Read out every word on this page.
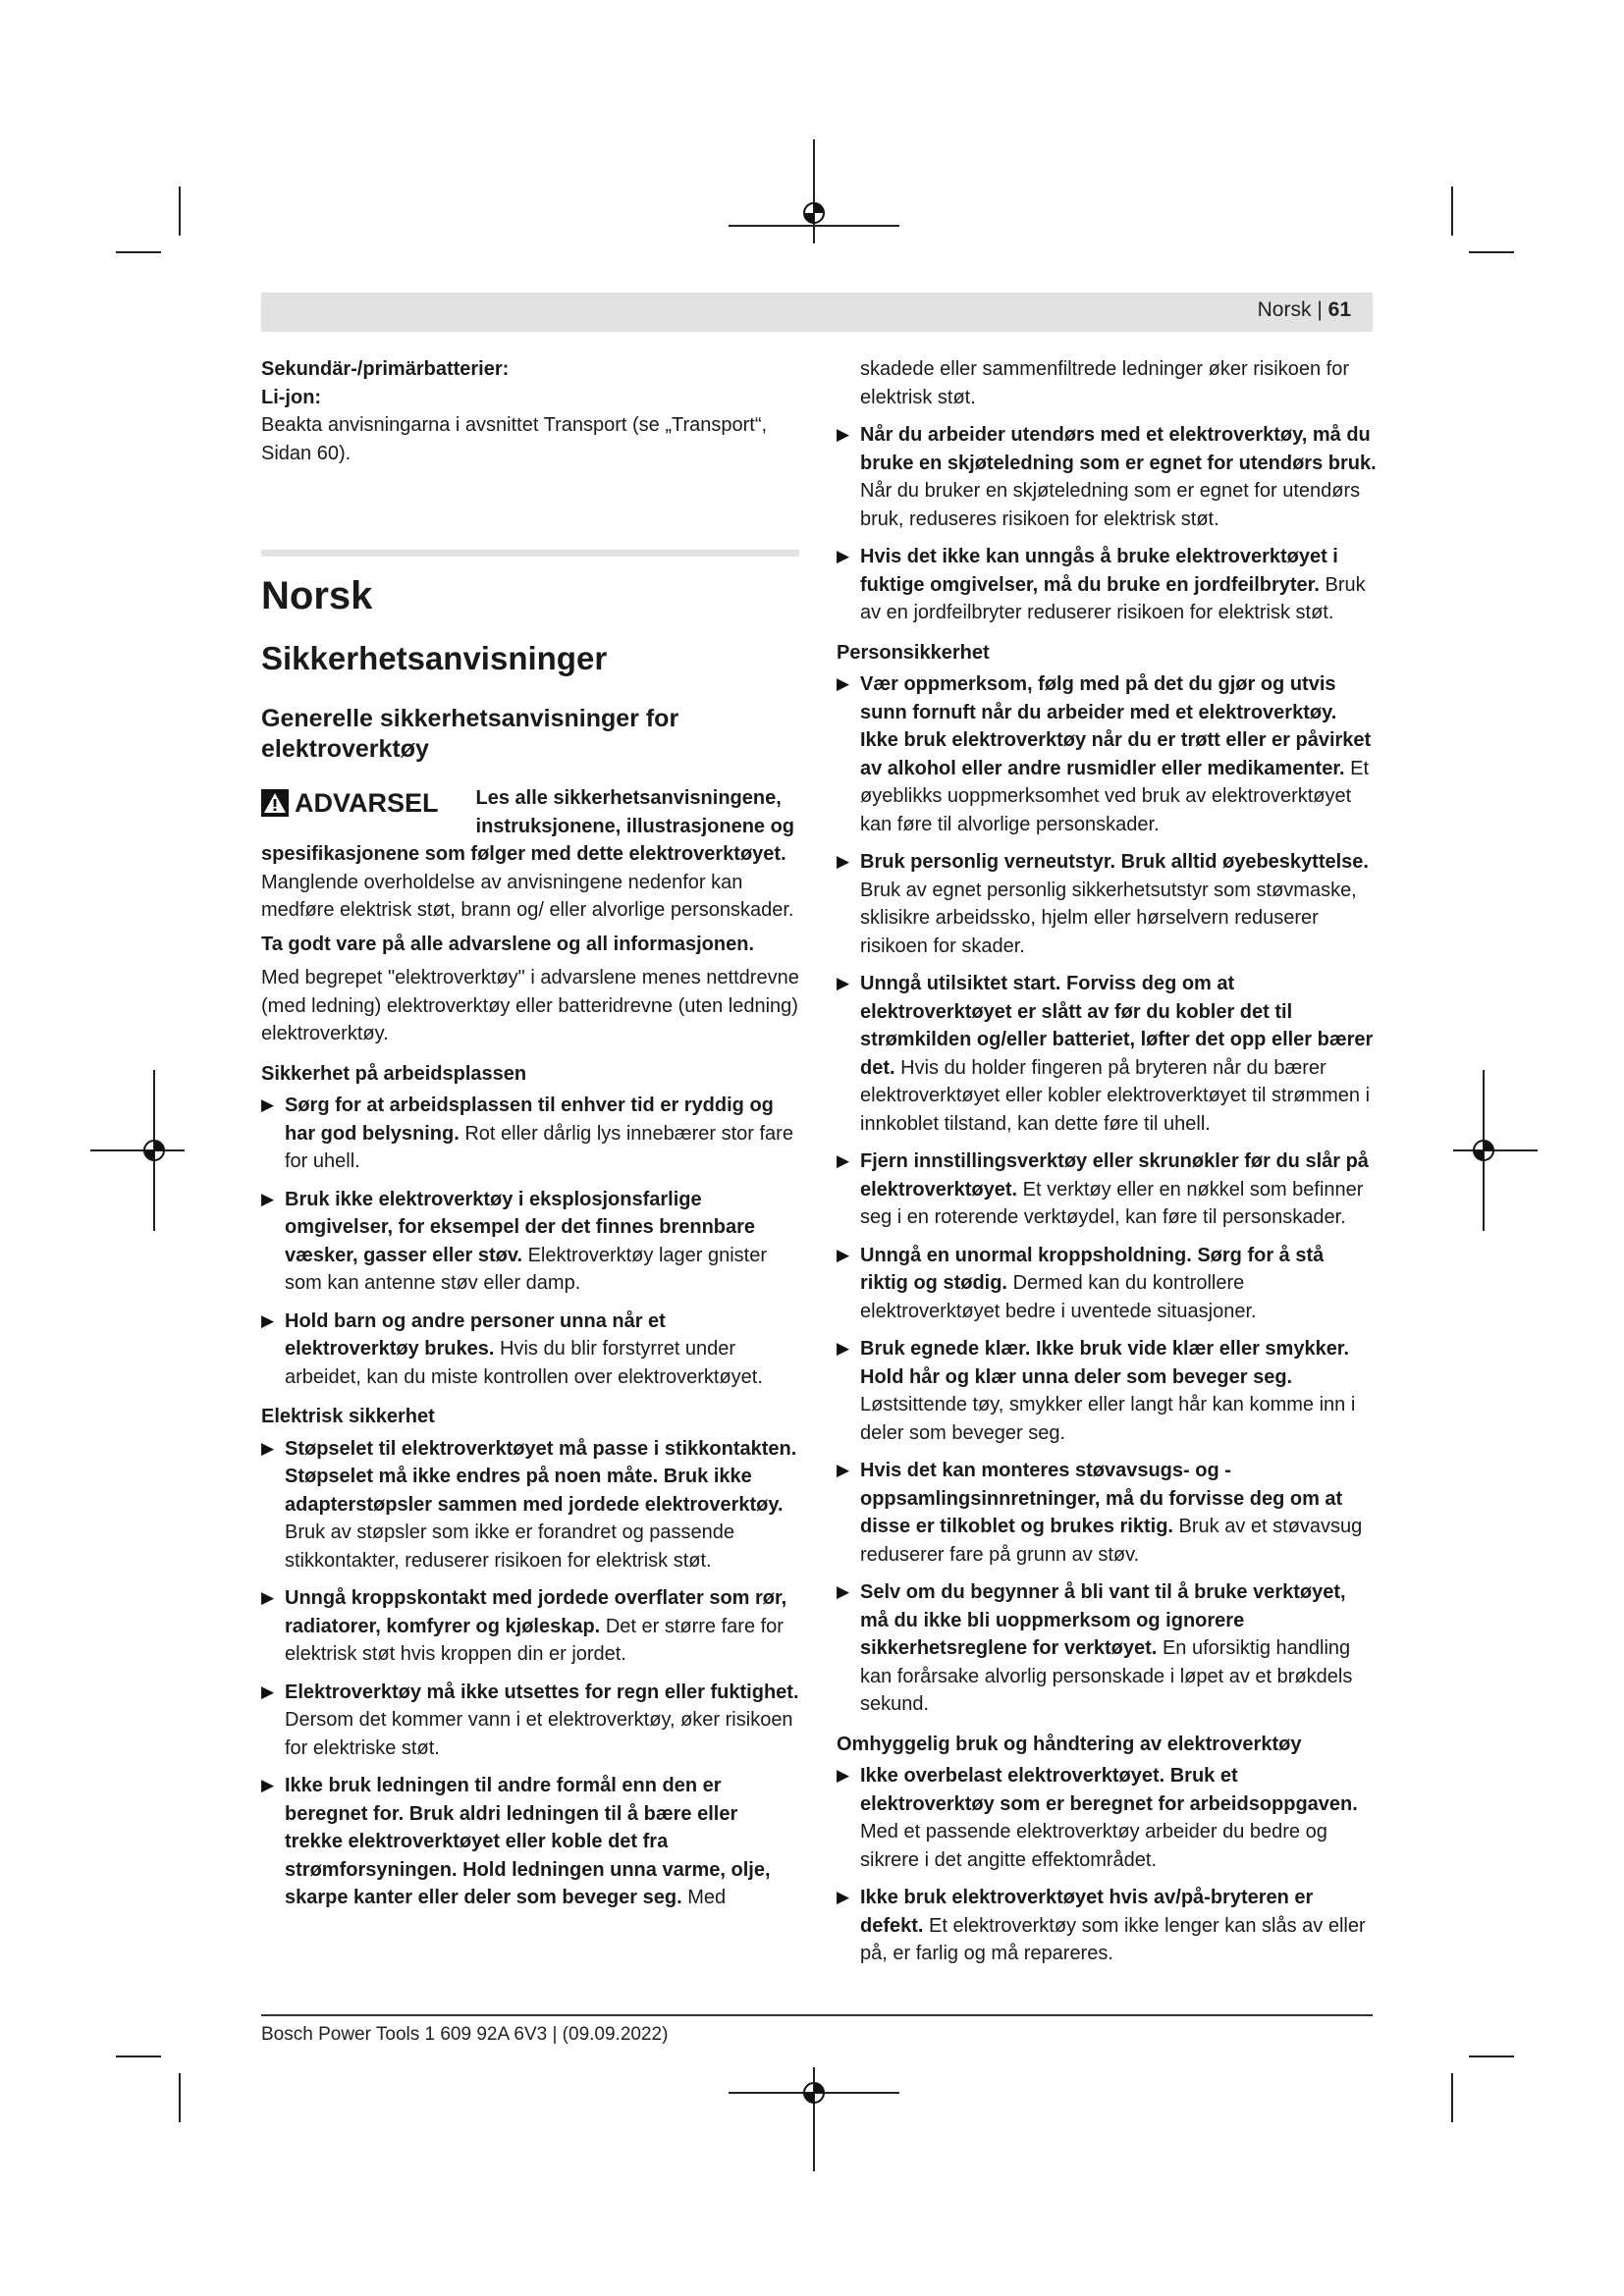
Norsk | 61

Sekundär-/primärbatterier:

Li-jon:

Beakta anvisningarna i avsnittet Transport (se „Transport“, Sidan 60).

Norsk
Sikkerhetsanvisninger
Generelle sikkerhetsanvisninger for elektroverktøy
ADVARSEL	Les alle sikkerhetsanvisningene, instruksjonene, illustrasjonene og spesifikasjonene som følger med dette elektroverktøyet. Manglende overholdelse av anvisningene nedenfor kan medføre elektrisk støt, brann og/ eller alvorlige personskader.

Ta godt vare på alle advarslene og all informasjonen.

Med begrepet "elektroverktøy" i advarslene menes nettdrevne (med ledning) elektroverktøy eller batteridrevne (uten ledning) elektroverktøy.

Sikkerhet på arbeidsplassen

▶ Sørg for at arbeidsplassen til enhver tid er ryddig og har god belysning. Rot eller dårlig lys innebærer stor fare for uhell.
▶ Bruk ikke elektroverktøy i eksplosjonsfarlige omgivelser, for eksempel der det finnes brennbare væsker, gasser eller støv. Elektroverktøy lager gnister som kan antenne støv eller damp.
▶ Hold barn og andre personer unna når et elektroverktøy brukes. Hvis du blir forstyrret under arbeidet, kan du miste kontrollen over elektroverktøyet.

Elektrisk sikkerhet

▶ Støpselet til elektroverktøyet må passe i stikkontakten. Støpselet må ikke endres på noen måte. Bruk ikke adapterstøpsler sammen med jordede elektroverktøy. Bruk av støpsler som ikke er forandret og passende stikkontakter, reduserer risikoen for elektrisk støt.
▶ Unngå kroppskontakt med jordede overflater som rør, radiatorer, komfyrer og kjøleskap. Det er større fare for elektrisk støt hvis kroppen din er jordet.
▶ Elektroverktøy må ikke utsettes for regn eller fuktighet. Dersom det kommer vann i et elektroverktøy, øker risikoen for elektriske støt.
▶ Ikke bruk ledningen til andre formål enn den er beregnet for. Bruk aldri ledningen til å bære eller trekke elektroverktøyet eller koble det fra strømforsyningen. Hold ledningen unna varme, olje, skarpe kanter eller deler som beveger seg. Med

skadede eller sammenfiltrede ledninger øker risikoen for elektrisk støt.

▶ Når du arbeider utendørs med et elektroverktøy, må du bruke en skjøteledning som er egnet for utendørs bruk. Når du bruker en skjøteledning som er egnet for utendørs bruk, reduseres risikoen for elektrisk støt.
▶ Hvis det ikke kan unngås å bruke elektroverktøyet i fuktige omgivelser, må du bruke en jordfeilbryter. Bruk av en jordfeilbryter reduserer risikoen for elektrisk støt.

Personsikkerhet

▶ Vær oppmerksom, følg med på det du gjør og utvis sunn fornuft når du arbeider med et elektroverktøy. Ikke bruk elektroverktøy når du er trøtt eller er påvirket av alkohol eller andre rusmidler eller medikamenter. Et øyeblikks uoppmerksomhet ved bruk av elektroverktøyet kan føre til alvorlige personskader.
▶ Bruk personlig verneutstyr. Bruk alltid øyebeskyttelse. Bruk av egnet personlig sikkerhetsutstyr som støvmaske, sklisikre arbeidssko, hjelm eller hørselvern reduserer risikoen for skader.
▶ Unngå utilsiktet start. Forviss deg om at elektroverktøyet er slått av før du kobler det til strømkilden og/eller batteriet, løfter det opp eller bærer det. Hvis du holder fingeren på bryteren når du bærer elektroverktøyet eller kobler elektroverktøyet til strømmen i innkoblet tilstand, kan dette føre til uhell.
▶ Fjern innstillingsverktøy eller skrunøkler før du slår på elektroverktøyet. Et verktøy eller en nøkkel som befinner seg i en roterende verktøydel, kan føre til personskader.
▶ Unngå en unormal kroppsholdning. Sørg for å stå riktig og stødig. Dermed kan du kontrollere elektroverktøyet bedre i uventede situasjoner.
▶ Bruk egnede klær. Ikke bruk vide klær eller smykker. Hold hår og klær unna deler som beveger seg. Løstsittende tøy, smykker eller langt hår kan komme inn i deler som beveger seg.
▶ Hvis det kan monteres støvavsugs- og -oppsamlingsinnretninger, må du forvisse deg om at disse er tilkoblet og brukes riktig. Bruk av et støvavsug reduserer fare på grunn av støv.
▶ Selv om du begynner å bli vant til å bruke verktøyet, må du ikke bli uoppmerksom og ignorere sikkerhetsreglene for verktøyet. En uforsiktig handling kan forårsake alvorlig personskade i løpet av et brøkdels sekund.

Omhyggelig bruk og håndtering av elektroverktøy

▶ Ikke overbelast elektroverktøyet. Bruk et elektroverktøy som er beregnet for arbeidsoppgaven. Med et passende elektroverktøy arbeider du bedre og sikrere i det angitte effektområdet.
▶ Ikke bruk elektroverktøyet hvis av/på-bryteren er defekt. Et elektroverktøy som ikke lenger kan slås av eller på, er farlig og må repareres.
Bosch Power Tools 1 609 92A 6V3 | (09.09.2022)
